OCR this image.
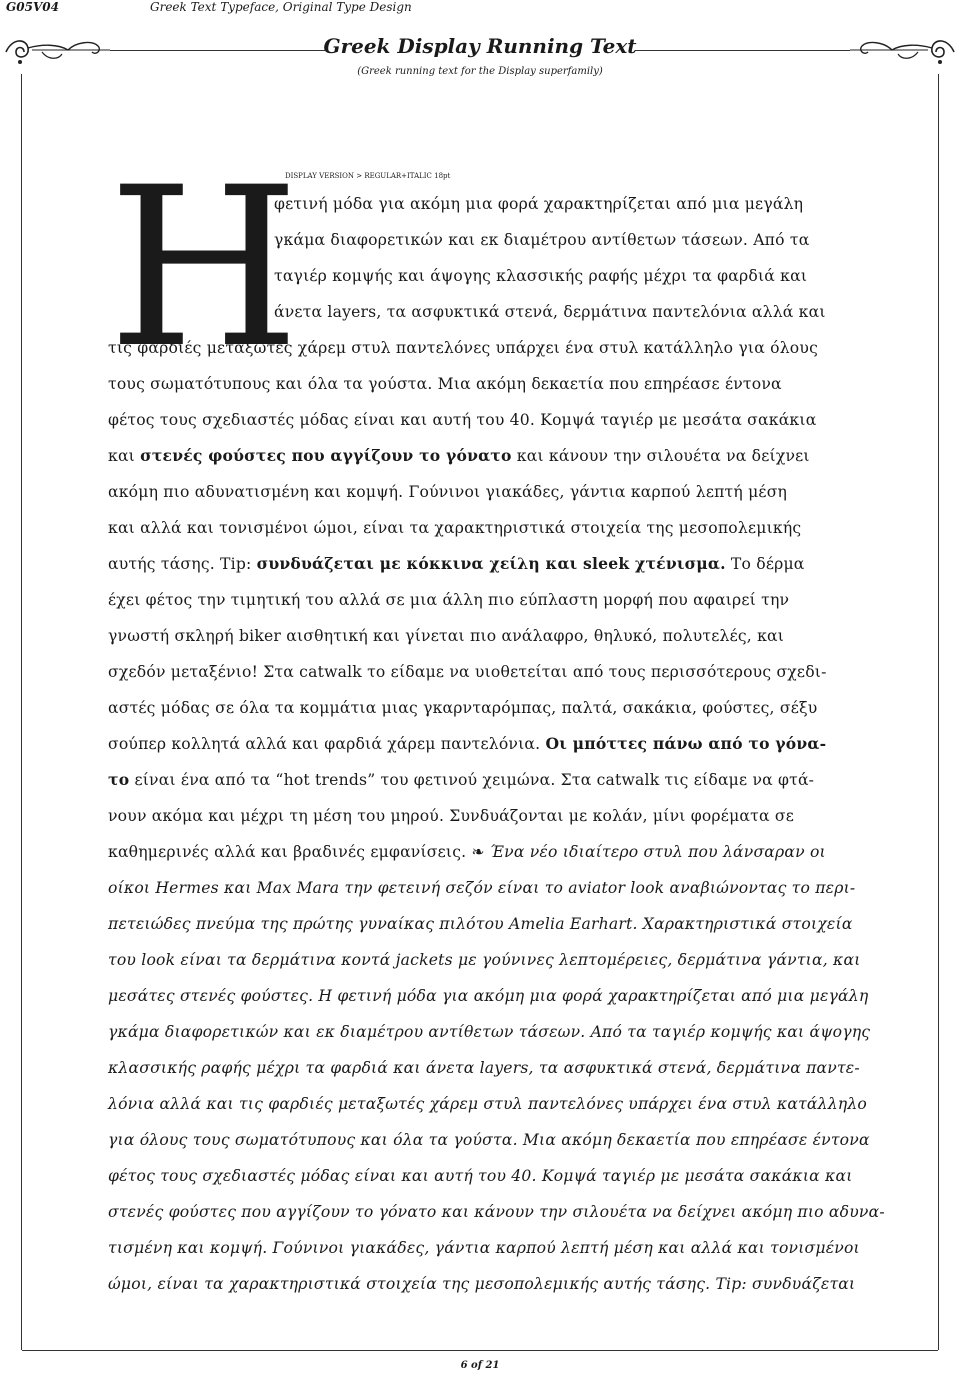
G05V04	Greek Text Typeface, Original Type Design
Greek Display Running Text
(Greek running text for the Display superfamily)
Η
DISPLAY VERSION > REGULAR+ITALIC 18pt
φετινή μόδα για ακόμη μια φορά χαρακτηρίζεται από μια μεγάλη
γκάμα διαφορετικών και εκ διαμέτρου αντίθετων τάσεων. Από τα
ταγιέρ κομψής και άψογης κλασσικής ραφής μέχρι τα φαρδιά και
άνετα layers, τα ασφυκτικά στενά, δερμάτινα παντελόνια αλλά και
τις φαρδιές μεταξωτές χάρεμ στυλ παντελόνες υπάρχει ένα στυλ κατάλληλο για όλους
τους σωματότυπους και όλα τα γούστα. Μια ακόμη δεκαετία που επηρέασε έντονα
φέτος τους σχεδιαστές μόδας είναι και αυτή του 40. Κομψά ταγιέρ με μεσάτα σακάκια
και στενές φούστες που αγγίζουν το γόνατο και κάνουν την σιλουέτα να δείχνει
ακόμη πιο αδυνατισμένη και κομψή. Γούνινοι γιακάδες, γάντια καρπού λεπτή μέση
και αλλά και τονισμένοι ώμοι, είναι τα χαρακτηριστικά στοιχεία της μεσοπολεμικής
αυτής τάσης. Tip: συνδυάζεται με κόκκινα χείλη και sleek χτένισμα. Το δέρμα
έχει φέτος την τιμητική του αλλά σε μια άλλη πιο εύπλαστη μορφή που αφαιρεί την
γνωστή σκληρή biker αισθητική και γίνεται πιο ανάλαφρο, θηλυκό, πολυτελές, και
σχεδόν μεταξένιο! Στα catwalk το είδαμε να υιοθετείται από τους περισσότερους σχεδι-
αστές μόδας σε όλα τα κομμάτια μιας γκαρνταρόμπας, παλτά, σακάκια, φούστες, σέξυ
σούπερ κολλητά αλλά και φαρδιά χάρεμ παντελόνια. Οι μπόττες πάνω από το γόνα-
το είναι ένα από τα “hot trends” του φετινού χειμώνα. Στα catwalk τις είδαμε να φτά-
νουν ακόμα και μέχρι τη μέση του μηρού. Συνδυάζονται με κολάν, μίνι φορέματα σε
καθημερινές αλλά και βραδινές εμφανίσεις. ❧ Ένα νέο ιδιαίτερο στυλ που λάνσαραν οι
οίκοι Hermes και Max Mara την φετεινή σεζόν είναι το aviator look αναβιώνοντας το περι-
πετειώδες πνεύμα της πρώτης γυναίκας πιλότου Amelia Earhart. Χαρακτηριστικά στοιχεία
του look είναι τα δερμάτινα κοντά jackets με γούνινες λεπτομέρειες, δερμάτινα γάντια, και
μεσάτες στενές φούστες. Η φετινή μόδα για ακόμη μια φορά χαρακτηρίζεται από μια μεγάλη
γκάμα διαφορετικών και εκ διαμέτρου αντίθετων τάσεων. Από τα ταγιέρ κομψής και άψογης
κλασσικής ραφής μέχρι τα φαρδιά και άνετα layers, τα ασφυκτικά στενά, δερμάτινα παντε-
λόνια αλλά και τις φαρδιές μεταξωτές χάρεμ στυλ παντελόνες υπάρχει ένα στυλ κατάλληλο
για όλους τους σωματότυπους και όλα τα γούστα. Μια ακόμη δεκαετία που επηρέασε έντονα
φέτος τους σχεδιαστές μόδας είναι και αυτή του 40. Κομψά ταγιέρ με μεσάτα σακάκια και
στενές φούστες που αγγίζουν το γόνατο και κάνουν την σιλουέτα να δείχνει ακόμη πιο αδυνα-
τισμένη και κομψή. Γούνινοι γιακάδες, γάντια καρπού λεπτή μέση και αλλά και τονισμένοι
ώμοι, είναι τα χαρακτηριστικά στοιχεία της μεσοπολεμικής αυτής τάσης. Tip: συνδυάζεται
6 of 21
